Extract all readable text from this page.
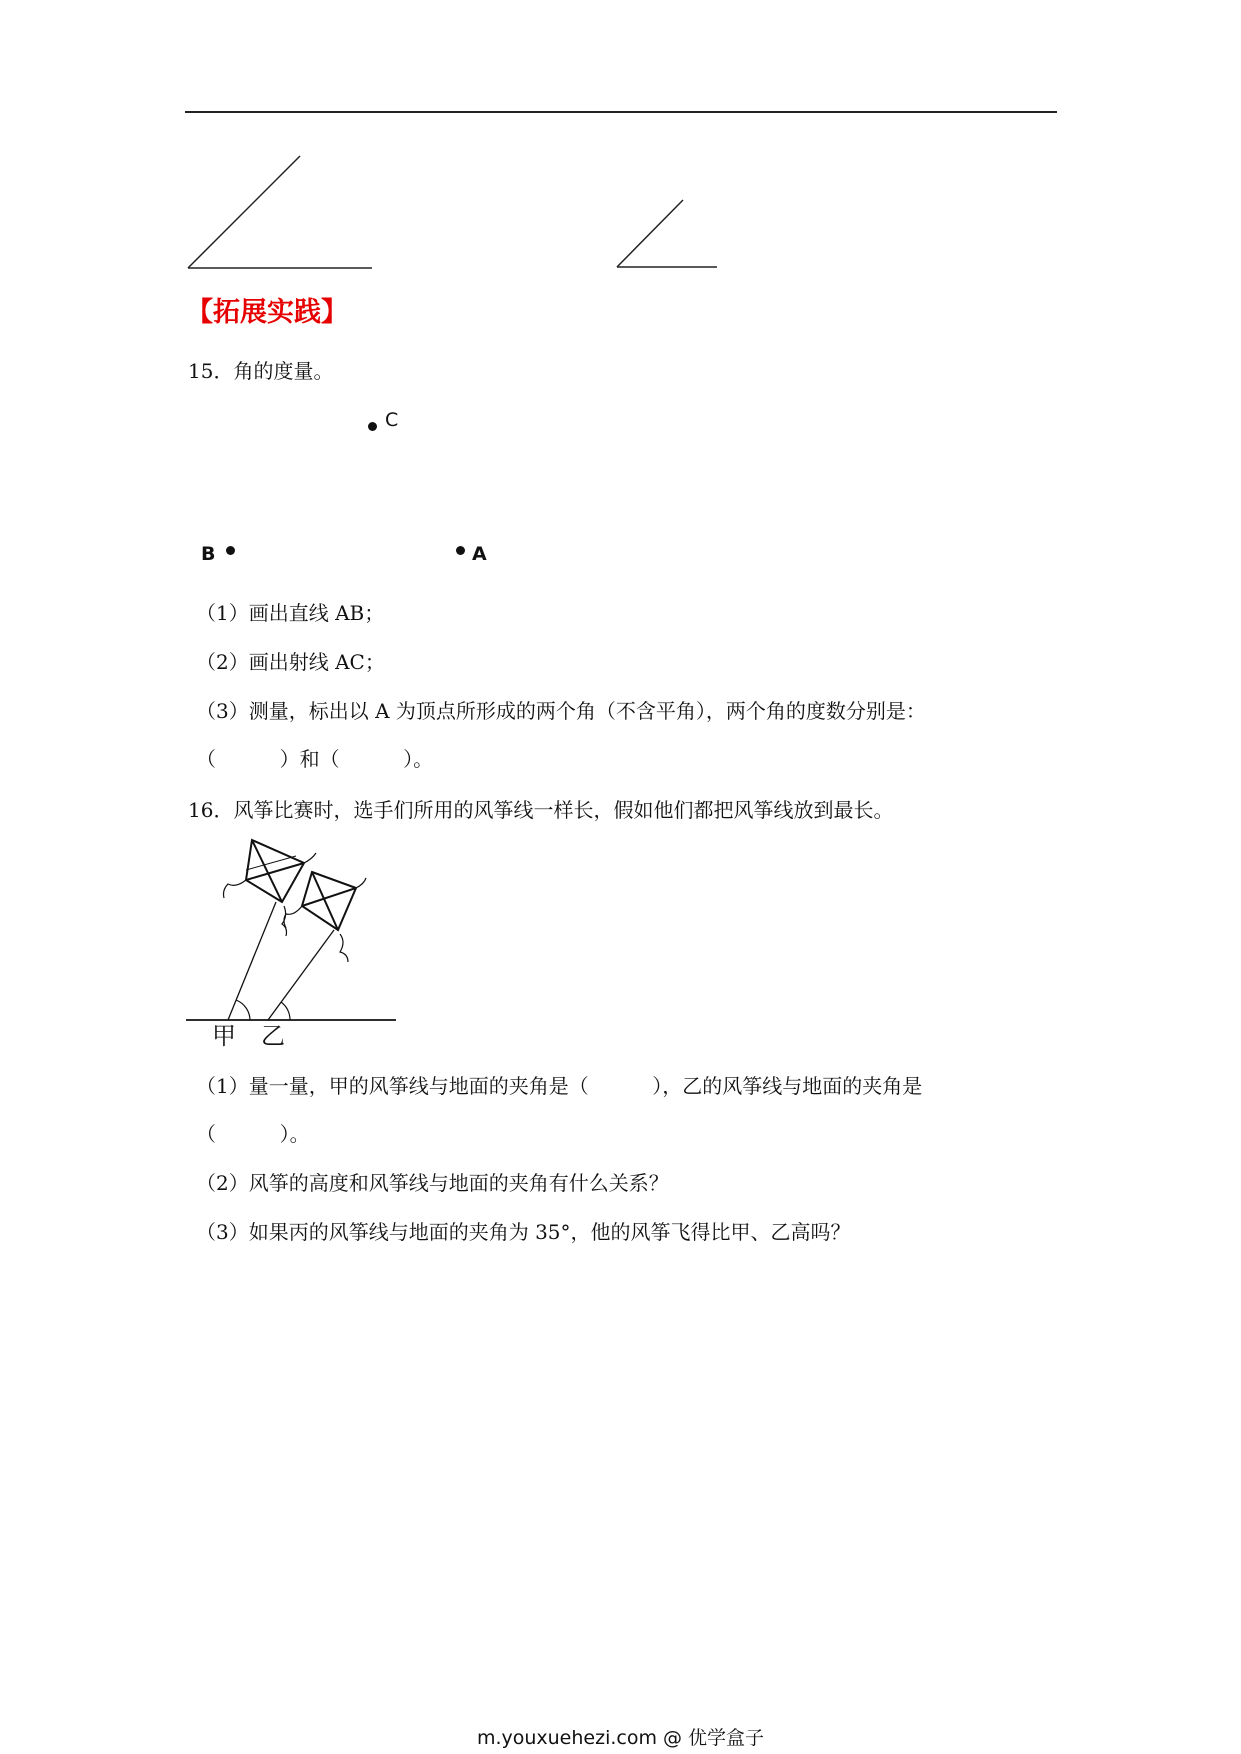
【拓展实践】
15．角的度量。
C
B	A
（1）画出直线 AB；
（2）画出射线 AC；
（3）测量，标出以 A 为顶点所形成的两个角（不含平角），两个角的度数分别是：
（          ）和（          ）。
16．风筝比赛时，选手们所用的风筝线一样长，假如他们都把风筝线放到最长。
甲 乙
（1）量一量，甲的风筝线与地面的夹角是（          ），乙的风筝线与地面的夹角是
（          ）。
（2）风筝的高度和风筝线与地面的夹角有什么关系？
（3）如果丙的风筝线与地面的夹角为 35°，他的风筝飞得比甲、乙高吗？
m.youxuehezi.com @ 优学盒子
